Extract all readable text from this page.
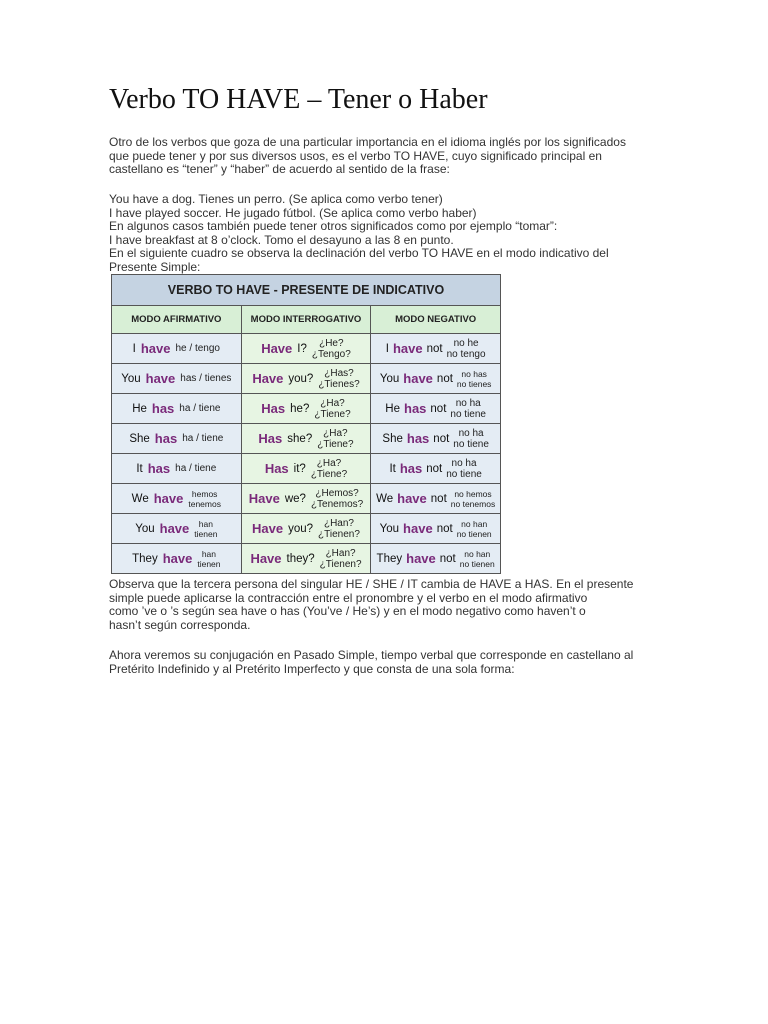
Verbo TO HAVE – Tener o Haber
Otro de los verbos que goza de una particular importancia en el idioma inglés por los significados
que puede tener y por sus diversos usos, es el verbo TO HAVE, cuyo significado principal en
castellano es “tener” y “haber” de acuerdo al sentido de la frase:
You have a dog. Tienes un perro. (Se aplica como verbo tener)
I have played soccer. He jugado fútbol. (Se aplica como verbo haber)
En algunos casos también puede tener otros significados como por ejemplo “tomar”:
I have breakfast at 8 o’clock. Tomo el desayuno a las 8 en punto.
En el siguiente cuadro se observa la declinación del verbo TO HAVE en el modo indicativo del
Presente Simple:
VERBO TO HAVE - PRESENTE DE INDICATIVO		
MODO AFIRMATIVO	MODO INTERROGATIVO	MODO NEGATIVO

I have he / tengo	Have I? ¿He?
¿Tengo?	I have not no he
no tengo

You have has / tienes	Have you? ¿Has?
¿Tienes?	You have not no has
no tienes

He has ha / tiene	Has he? ¿Ha?
¿Tiene?	He has not no ha
no tiene

She has ha / tiene	Has she? ¿Ha?
¿Tiene?	She has not no ha
no tiene

It has ha / tiene	Has it? ¿Ha?
¿Tiene?	It has not no ha
no tiene

We have hemos
tenemos	Have we? ¿Hemos?
¿Tenemos?	We have not no hemos
no tenemos

You have han
tienen	Have you? ¿Han?
¿Tienen?	You have not no han
no tienen

They have han
tienen	Have they? ¿Han?
¿Tienen?	They have not no han
no tienen
Observa que la tercera persona del singular HE / SHE / IT cambia de HAVE a HAS. En el presente
simple puede aplicarse la contracción entre el pronombre y el verbo en el modo afirmativo
como ’ve o ’s según sea have o has (You’ve / He’s) y en el modo negativo como haven’t o
hasn’t según corresponda.
Ahora veremos su conjugación en Pasado Simple, tiempo verbal que corresponde en castellano al
Pretérito Indefinido y al Pretérito Imperfecto y que consta de una sola forma:
